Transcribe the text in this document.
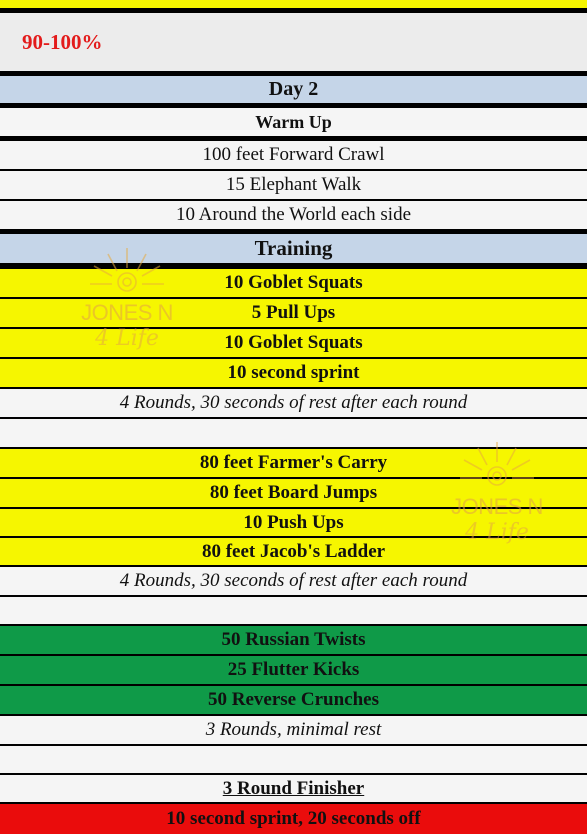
90-100%
Day 2
Warm Up
100 feet Forward Crawl
15 Elephant Walk
10 Around the World each side
Training
10 Goblet Squats
5 Pull Ups
10 Goblet Squats
10 second sprint
4 Rounds, 30 seconds of rest after each round
80 feet Farmer's Carry
80 feet Board Jumps
10 Push Ups
80 feet Jacob's Ladder
4 Rounds, 30 seconds of rest after each round
50 Russian Twists
25 Flutter Kicks
50 Reverse Crunches
3 Rounds, minimal rest
3 Round Finisher
10 second sprint, 20 seconds off
JONES N
4 Life
JONES N
4 Life
